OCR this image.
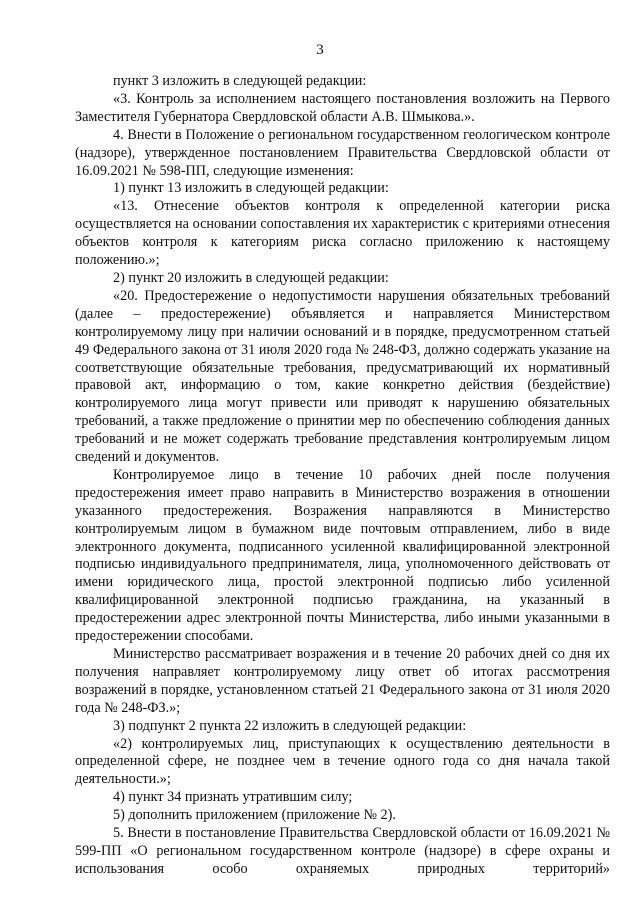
3

пункт 3 изложить в следующей редакции:

«3. Контроль за исполнением настоящего постановления возложить на Первого Заместителя Губернатора Свердловской области А.В. Шмыкова.».

4. Внести в Положение о региональном государственном геологическом контроле (надзоре), утвержденное постановлением Правительства Свердловской области от 16.09.2021 № 598-ПП, следующие изменения:

1) пункт 13 изложить в следующей редакции:

«13. Отнесение объектов контроля к определенной категории риска осуществляется на основании сопоставления их характеристик с критериями отнесения объектов контроля к категориям риска согласно приложению к настоящему положению.»;

2) пункт 20 изложить в следующей редакции:

«20. Предостережение о недопустимости нарушения обязательных требований (далее – предостережение) объявляется и направляется Министерством контролируемому лицу при наличии оснований и в порядке, предусмотренном статьей 49 Федерального закона от 31 июля 2020 года № 248-ФЗ, должно содержать указание на соответствующие обязательные требования, предусматривающий их нормативный правовой акт, информацию о том, какие конкретно действия (бездействие) контролируемого лица могут привести или приводят к нарушению обязательных требований, а также предложение о принятии мер по обеспечению соблюдения данных требований и не может содержать требование представления контролируемым лицом сведений и документов.

Контролируемое лицо в течение 10 рабочих дней после получения предостережения имеет право направить в Министерство возражения в отношении указанного предостережения. Возражения направляются в Министерство контролируемым лицом в бумажном виде почтовым отправлением, либо в виде электронного документа, подписанного усиленной квалифицированной электронной подписью индивидуального предпринимателя, лица, уполномоченного действовать от имени юридического лица, простой электронной подписью либо усиленной квалифицированной электронной подписью гражданина, на указанный в предостережении адрес электронной почты Министерства, либо иными указанными в предостережении способами.

Министерство рассматривает возражения и в течение 20 рабочих дней со дня их получения направляет контролируемому лицу ответ об итогах рассмотрения возражений в порядке, установленном статьей 21 Федерального закона от 31 июля 2020 года № 248-ФЗ.»;

3) подпункт 2 пункта 22 изложить в следующей редакции:

«2) контролируемых лиц, приступающих к осуществлению деятельности в определенной сфере, не позднее чем в течение одного года со дня начала такой деятельности.»;

4) пункт 34 признать утратившим силу;

5) дополнить приложением (приложение № 2).

5. Внести в постановление Правительства Свердловской области от 16.09.2021 № 599-ПП «О региональном государственном контроле (надзоре) в сфере охраны и использования особо охраняемых природных территорий»
